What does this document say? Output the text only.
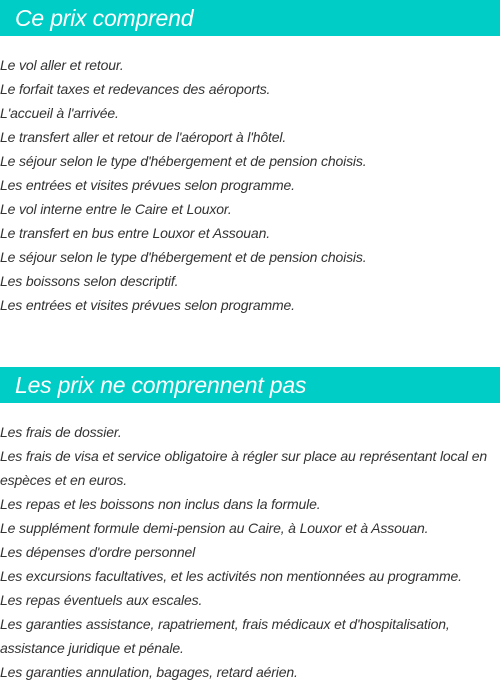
Ce prix comprend
Le vol aller et retour.
Le forfait taxes et redevances des aéroports.
L'accueil à l'arrivée.
Le transfert aller et retour de l'aéroport à l'hôtel.
Le séjour selon le type d'hébergement et de pension choisis.
Les entrées et visites prévues selon programme.
Le vol interne entre le Caire et Louxor.
Le transfert en bus entre Louxor et Assouan.
Le séjour selon le type d'hébergement et de pension choisis.
Les boissons selon descriptif.
Les entrées et visites prévues selon programme.
Les prix ne comprennent pas
Les frais de dossier.
Les frais de visa et service obligatoire à régler sur place au représentant local en espèces et en euros.
Les repas et les boissons non inclus dans la formule.
Le supplément formule demi-pension au Caire, à Louxor et à Assouan.
Les dépenses d'ordre personnel
Les excursions facultatives, et les activités non mentionnées au programme.
Les repas éventuels aux escales.
Les garanties assistance, rapatriement, frais médicaux et d'hospitalisation, assistance juridique et pénale.
Les garanties annulation, bagages, retard aérien.
